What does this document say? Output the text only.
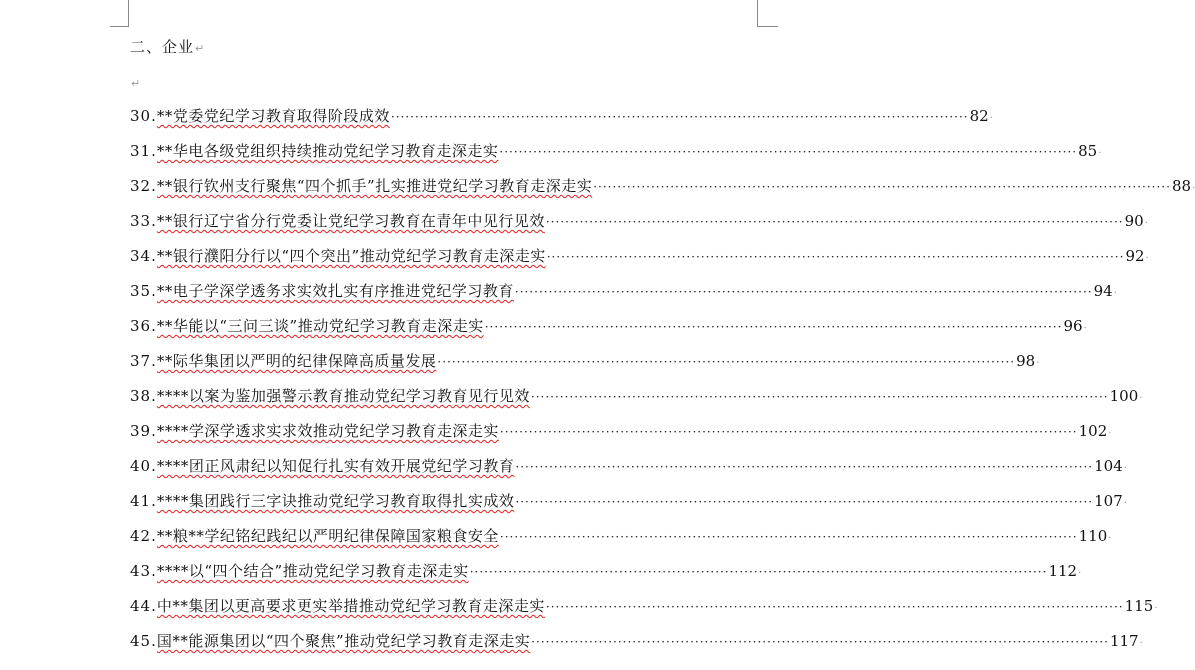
二、企业↵
↵
30. **党委党纪学习教育取得阶段成效 ························································································································ 82·
31. **华电各级党组织持续推动党纪学习教育走深走实 ························································································································ 85·
32. **银行钦州支行聚焦“四个抓手”扎实推进党纪学习教育走深走实 ························································································································ 88·
33. **银行辽宁省分行党委让党纪学习教育在青年中见行见效 ························································································································ 90·
34. **银行濮阳分行以“四个突出”推动党纪学习教育走深走实 ························································································································ 92·
35. **电子学深学透务求实效扎实有序推进党纪学习教育 ························································································································ 94·
36. **华能以“三问三谈”推动党纪学习教育走深走实 ························································································································ 96·
37. **际华集团以严明的纪律保障高质量发展 ························································································································ 98·
38. ****以案为鉴加强警示教育推动党纪学习教育见行见效 ························································································································ 100·
39. ****学深学透求实求效推动党纪学习教育走深走实 ························································································································ 102·
40. ****团正风肃纪以知促行扎实有效开展党纪学习教育 ························································································································ 104·
41. ****集团践行三字诀推动党纪学习教育取得扎实成效 ························································································································ 107·
42. **粮**学纪铭纪践纪以严明纪律保障国家粮食安全 ························································································································ 110·
43. ****以“四个结合”推动党纪学习教育走深走实 ························································································································ 112·
44. 中**集团以更高要求更实举措推动党纪学习教育走深走实 ························································································································ 115·
45. 国**能源集团以“四个聚焦”推动党纪学习教育走深走实 ························································································································ 117·
